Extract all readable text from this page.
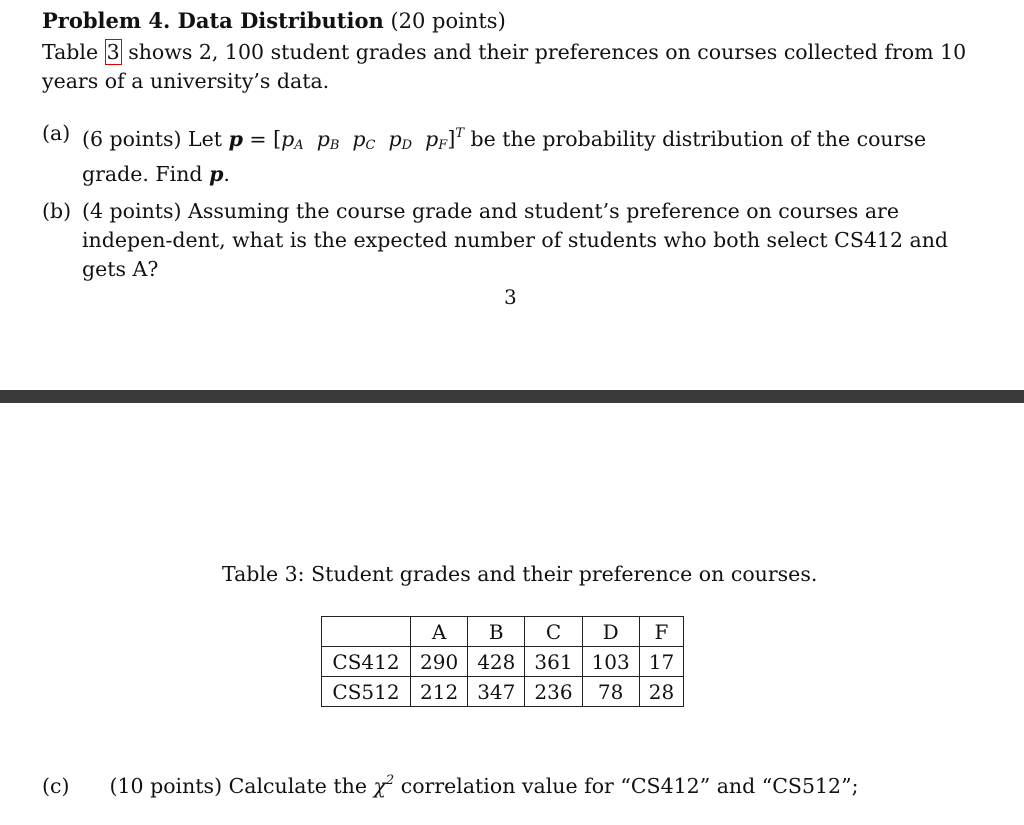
Problem 4. Data Distribution (20 points)
Table 3 shows 2, 100 student grades and their preferences on courses collected from 10 years of a university’s data.
(a) (6 points) Let $p = [p_A$ $p_B$ $p_C$ $p_D$ $p_F]^T$ be the probability distribution of the course grade. Find p.
(b) (4 points) Assuming the course grade and student’s preference on courses are indepen-dent, what is the expected number of students who both select CS412 and gets A?
3
Table 3: Student grades and their preference on courses.
	A	B	C	D	F
CS412	290	428	361	103	17
CS512	212	347	236	78	28
(c) (10 points) Calculate the $\chi^2$ correlation value for “CS412” and “CS512”;
